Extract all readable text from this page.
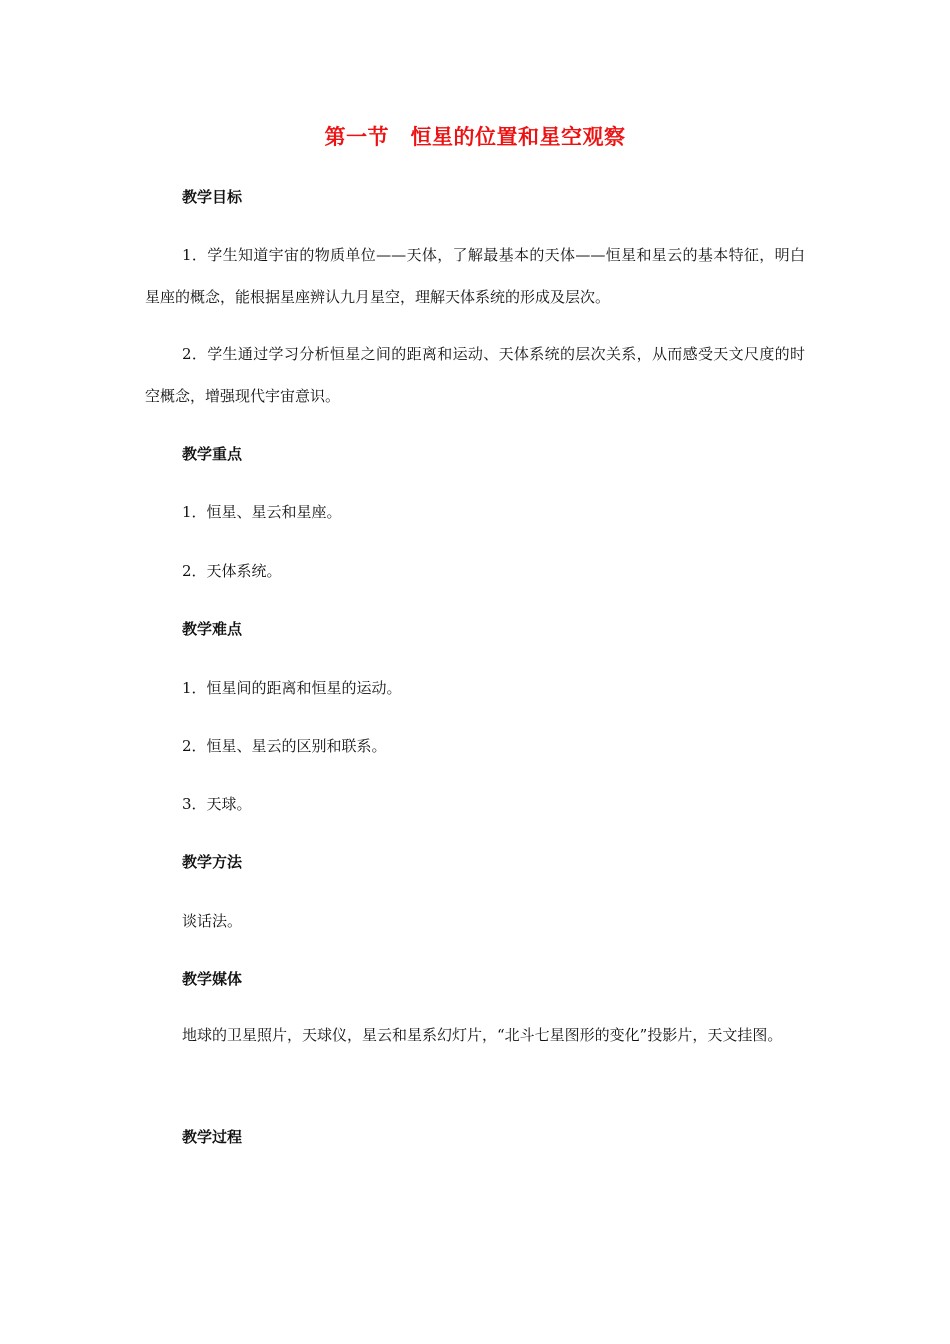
第一节　恒星的位置和星空观察
教学目标

1．学生知道宇宙的物质单位——天体，了解最基本的天体——恒星和星云的基本特征，明白星座的概念，能根据星座辨认九月星空，理解天体系统的形成及层次。

2．学生通过学习分析恒星之间的距离和运动、天体系统的层次关系，从而感受天文尺度的时空概念，增强现代宇宙意识。

教学重点
1．恒星、星云和星座。
2．天体系统。
教学难点
1．恒星间的距离和恒星的运动。
2．恒星、星云的区别和联系。
3．天球。
教学方法
谈话法。
教学媒体

地球的卫星照片，天球仪，星云和星系幻灯片，“北斗七星图形的变化”投影片，天文挂图。

教学过程
